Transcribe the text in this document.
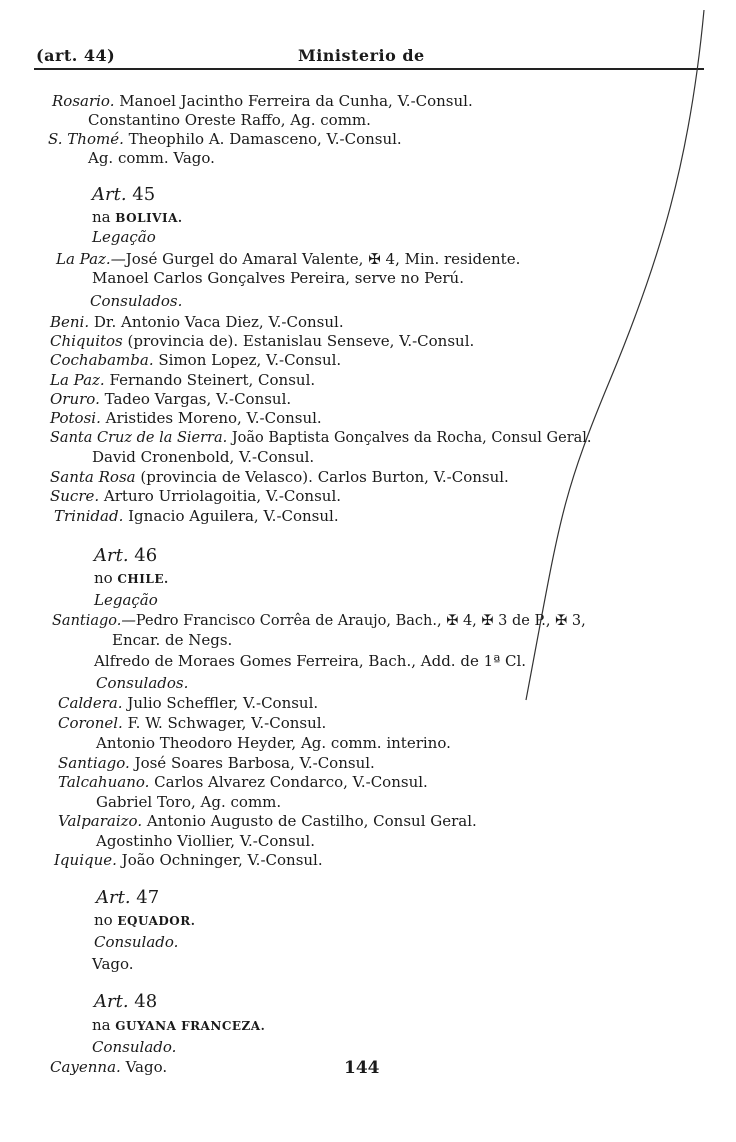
(art. 44)	Ministerio de
Rosario. Manoel Jacintho Ferreira da Cunha, V.-Consul.
Constantino Oreste Raffo, Ag. comm.
S. Thomé. Theophilo A. Damasceno, V.-Consul.
Ag. comm. Vago.
Art. 45
na BOLIVIA.
Legação
La Paz.—José Gurgel do Amaral Valente, ✠ 4, Min. residente.
Manoel Carlos Gonçalves Pereira, serve no Perú.
Consulados.
Beni. Dr. Antonio Vaca Diez, V.-Consul.
Chiquitos (provincia de). Estanislau Senseve, V.-Consul.
Cochabamba. Simon Lopez, V.-Consul.
La Paz. Fernando Steinert, Consul.
Oruro. Tadeo Vargas, V.-Consul.
Potosi. Aristides Moreno, V.-Consul.
Santa Cruz de la Sierra. João Baptista Gonçalves da Rocha, Consul Geral.
David Cronenbold, V.-Consul.
Santa Rosa (provincia de Velasco). Carlos Burton, V.-Consul.
Sucre. Arturo Urriolagoitia, V.-Consul.
Trinidad. Ignacio Aguilera, V.-Consul.
Art. 46
no CHILE.
Legação
Santiago.—Pedro Francisco Corrêa de Araujo, Bach., ✠ 4, ✠ 3 de P., ✠ 3,
Encar. de Negs.
Alfredo de Moraes Gomes Ferreira, Bach., Add. de 1ª Cl.
Consulados.
Caldera. Julio Scheffler, V.-Consul.
Coronel. F. W. Schwager, V.-Consul.
Antonio Theodoro Heyder, Ag. comm. interino.
Santiago. José Soares Barbosa, V.-Consul.
Talcahuano. Carlos Alvarez Condarco, V.-Consul.
Gabriel Toro, Ag. comm.
Valparaizo. Antonio Augusto de Castilho, Consul Geral.
Agostinho Viollier, V.-Consul.
Iquique. João Ochninger, V.-Consul.
Art. 47
no EQUADOR.
Consulado.
Vago.
Art. 48
na GUYANA FRANCEZA.
Consulado.
Cayenna. Vago.	144
